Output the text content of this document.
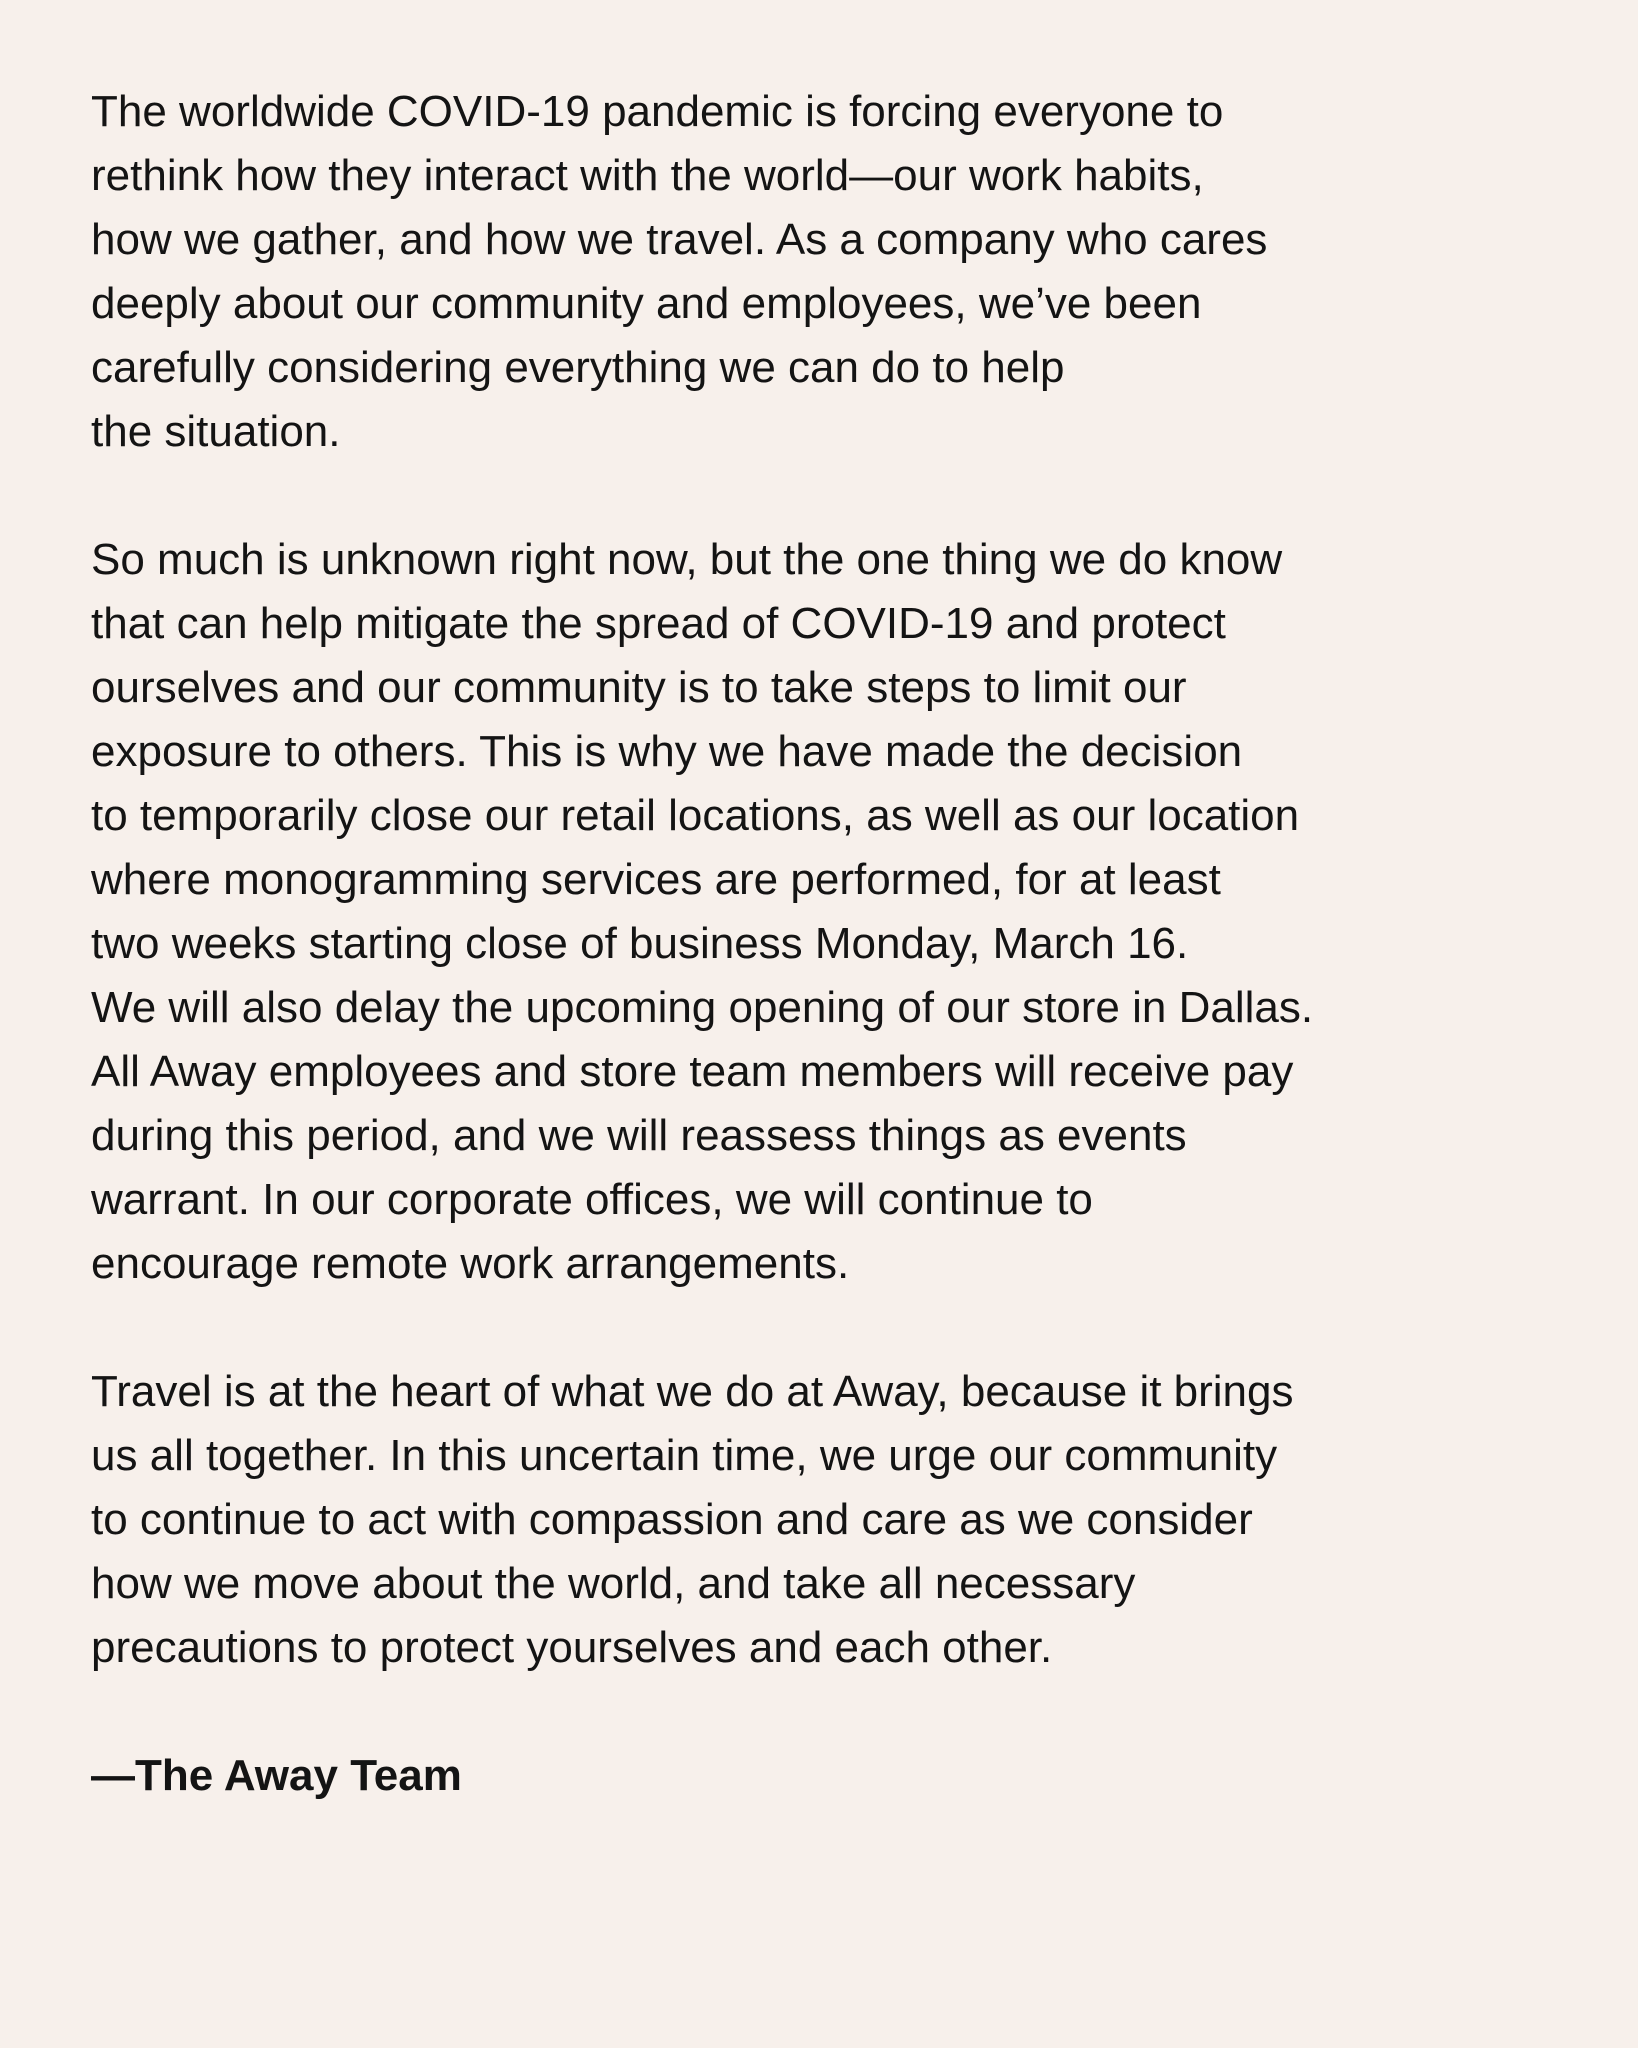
The worldwide COVID-19 pandemic is forcing everyone to
rethink how they interact with the world—our work habits,
how we gather, and how we travel. As a company who cares
deeply about our community and employees, we’ve been
carefully considering everything we can do to help
the situation.

So much is unknown right now, but the one thing we do know
that can help mitigate the spread of COVID-19 and protect
ourselves and our community is to take steps to limit our
exposure to others. This is why we have made the decision
to temporarily close our retail locations, as well as our location
where monogramming services are performed, for at least
two weeks starting close of business Monday, March 16.
We will also delay the upcoming opening of our store in Dallas.
All Away employees and store team members will receive pay
during this period, and we will reassess things as events
warrant. In our corporate offices, we will continue to
encourage remote work arrangements.

Travel is at the heart of what we do at Away, because it brings
us all together. In this uncertain time, we urge our community
to continue to act with compassion and care as we consider
how we move about the world, and take all necessary
precautions to protect yourselves and each other.

—The Away Team
